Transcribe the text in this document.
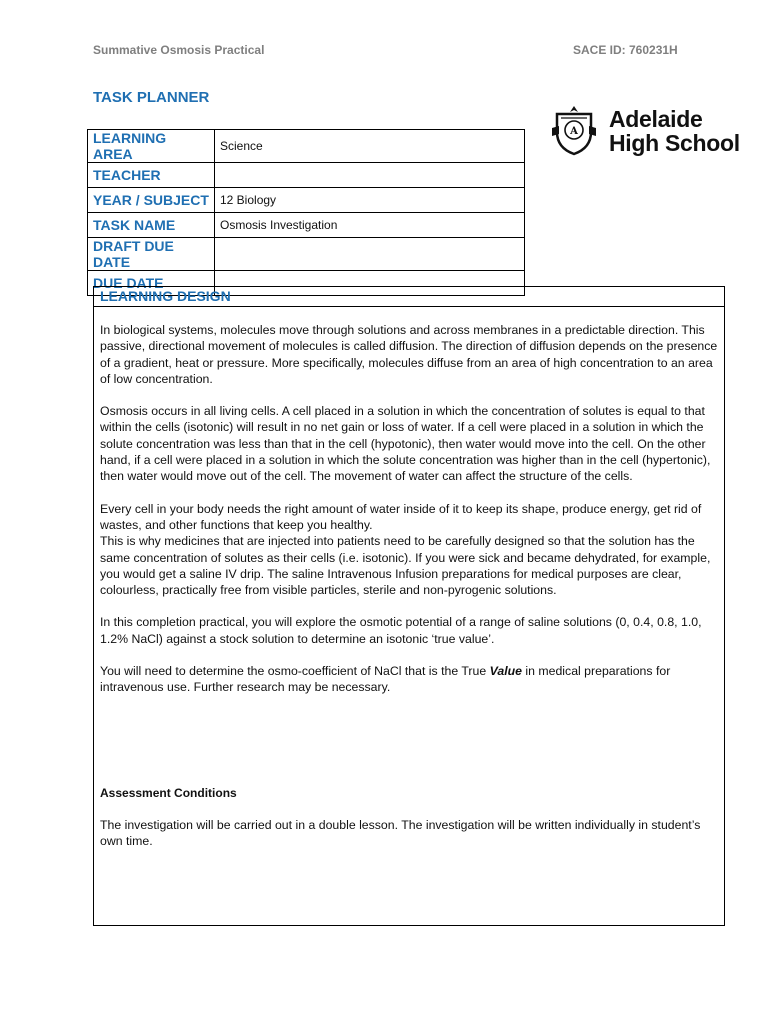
Summative Osmosis Practical	SACE ID: 760231H
TASK PLANNER
LEARNING AREA	Science
TEACHER	
YEAR / SUBJECT	12 Biology
TASK NAME	Osmosis Investigation
DRAFT DUE DATE	
DUE DATE	
A Adelaide
High School
LEARNING DESIGN

In biological systems, molecules move through solutions and across membranes in a predictable direction. This passive, directional movement of molecules is called diffusion. The direction of diffusion depends on the presence of a gradient, heat or pressure. More specifically, molecules diffuse from an area of high concentration to an area of low concentration.

Osmosis occurs in all living cells. A cell placed in a solution in which the concentration of solutes is equal to that within the cells (isotonic) will result in no net gain or loss of water. If a cell were placed in a solution in which the solute concentration was less than that in the cell (hypotonic), then water would move into the cell. On the other hand, if a cell were placed in a solution in which the solute concentration was higher than in the cell (hypertonic), then water would move out of the cell. The movement of water can affect the structure of the cells.

Every cell in your body needs the right amount of water inside of it to keep its shape, produce energy, get rid of wastes, and other functions that keep you healthy.

This is why medicines that are injected into patients need to be carefully designed so that the solution has the same concentration of solutes as their cells (i.e. isotonic). If you were sick and became dehydrated, for example, you would get a saline IV drip. The saline Intravenous Infusion preparations for medical purposes are clear, colourless, practically free from visible particles, sterile and non-pyrogenic solutions.

In this completion practical, you will explore the osmotic potential of a range of saline solutions (0, 0.4, 0.8, 1.0, 1.2% NaCl) against a stock solution to determine an isotonic ‘true value’.

You will need to determine the osmo-coefficient of NaCl that is the True Value in medical preparations for intravenous use. Further research may be necessary.

Assessment Conditions

The investigation will be carried out in a double lesson. The investigation will be written individually in student’s own time.
